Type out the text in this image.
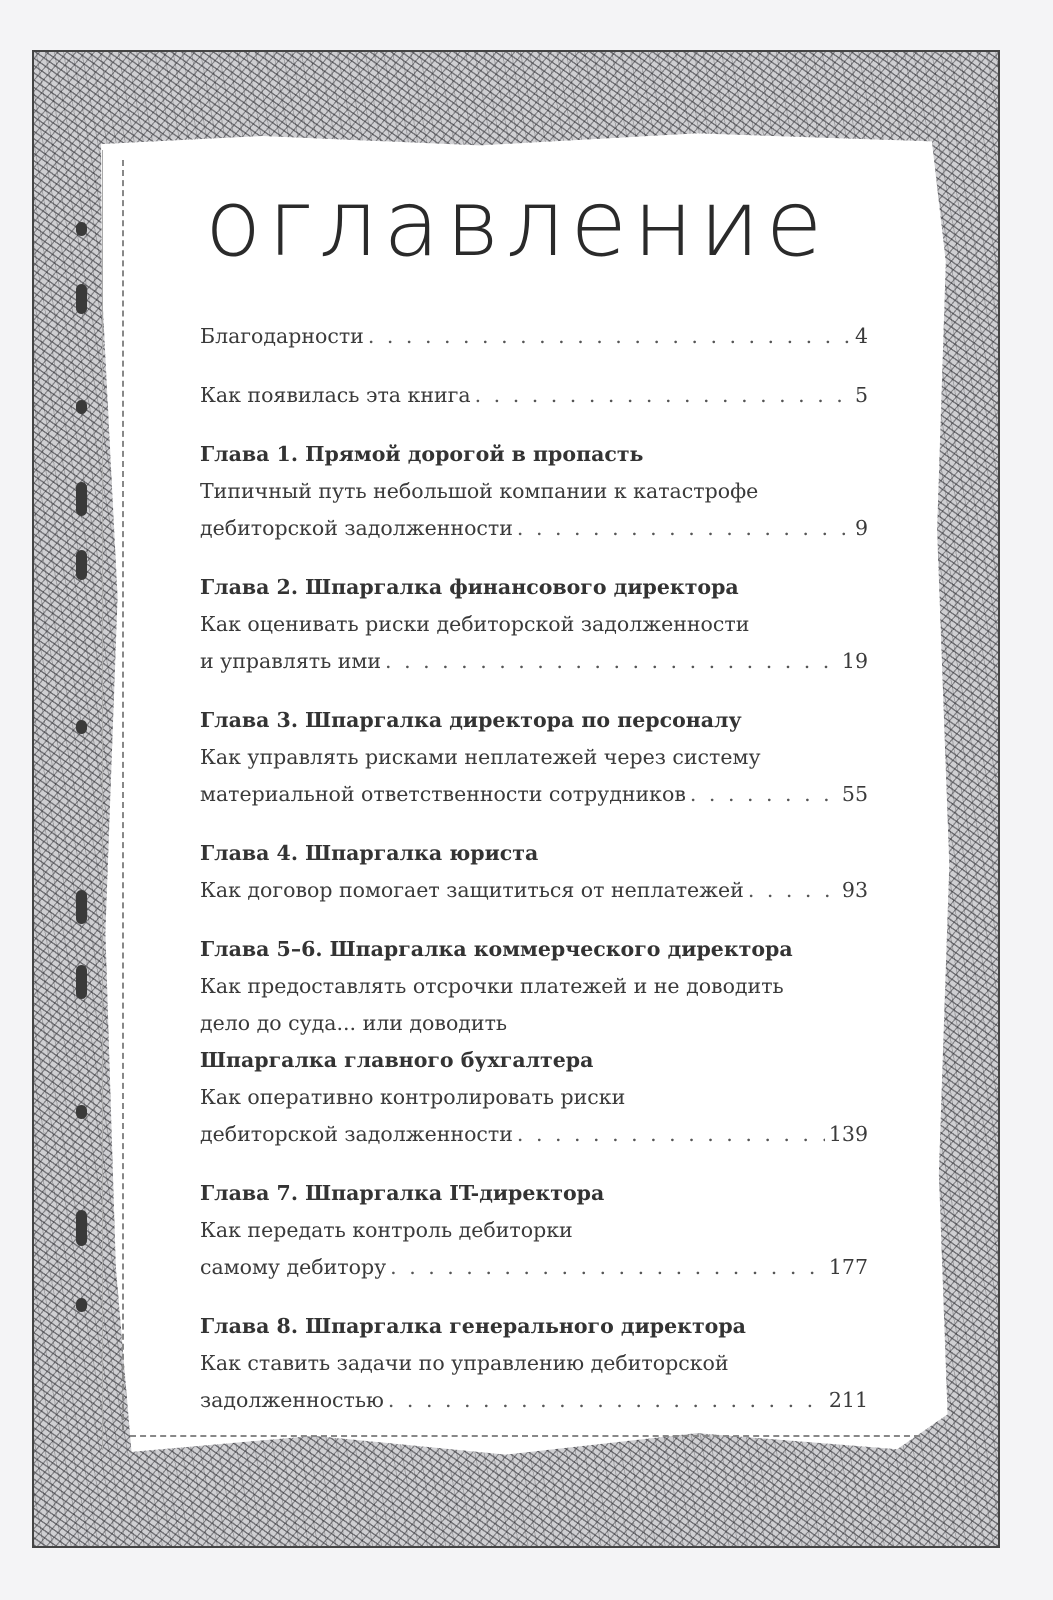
оглавление
Благодарности . . .	4
Как появилась эта книга . . .	5
Глава 1. Прямой дорогой в пропасть
Типичный путь небольшой компании к катастрофе
дебиторской задолженности . . .	9
Глава 2. Шпаргалка финансового директора
Как оценивать риски дебиторской задолженности
и управлять ими . . .	19
Глава 3. Шпаргалка директора по персоналу
Как управлять рисками неплатежей через систему
материальной ответственности сотрудников . . .	55
Глава 4. Шпаргалка юриста
Как договор помогает защититься от неплатежей . . .	93
Глава 5–6. Шпаргалка коммерческого директора
Как предоставлять отсрочки платежей и не доводить
дело до суда... или доводить
Шпаргалка главного бухгалтера
Как оперативно контролировать риски
дебиторской задолженности . . .	139
Глава 7. Шпаргалка IT-директора
Как передать контроль дебиторки
самому дебитору . . .	177
Глава 8. Шпаргалка генерального директора
Как ставить задачи по управлению дебиторской
задолженностью . . .	211
